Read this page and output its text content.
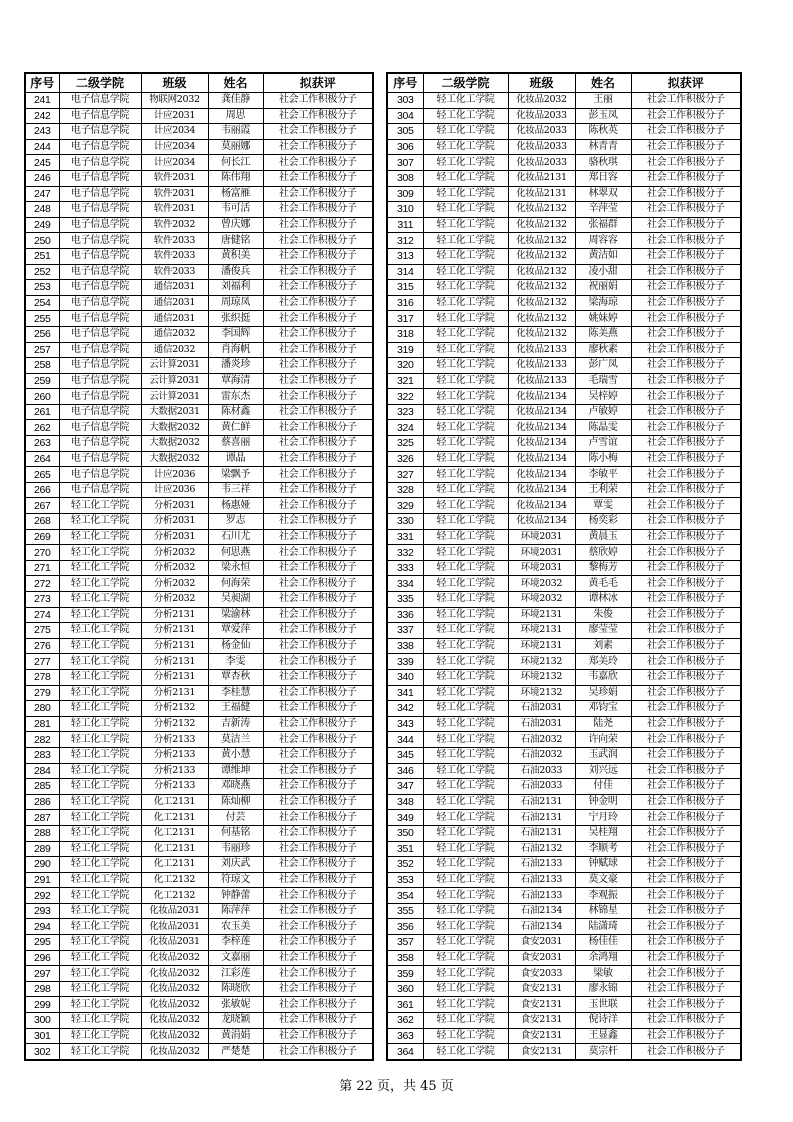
序号	二级学院	班级	姓名	拟获评
241	电子信息学院	物联网2032	龚佳静	社会工作积极分子
242	电子信息学院	计应2031	周思	社会工作积极分子
243	电子信息学院	计应2034	韦丽霞	社会工作积极分子
244	电子信息学院	计应2034	莫丽娜	社会工作积极分子
245	电子信息学院	计应2034	何长江	社会工作积极分子
246	电子信息学院	软件2031	陈伟翔	社会工作积极分子
247	电子信息学院	软件2031	杨富雁	社会工作积极分子
248	电子信息学院	软件2031	韦可活	社会工作积极分子
249	电子信息学院	软件2032	曾庆娜	社会工作积极分子
250	电子信息学院	软件2033	唐健铭	社会工作积极分子
251	电子信息学院	软件2033	黄积美	社会工作积极分子
252	电子信息学院	软件2033	潘俊兵	社会工作积极分子
253	电子信息学院	通信2031	刘福利	社会工作积极分子
254	电子信息学院	通信2031	周琼凤	社会工作积极分子
255	电子信息学院	通信2031	张织挺	社会工作积极分子
256	电子信息学院	通信2032	李国辉	社会工作积极分子
257	电子信息学院	通信2032	肖海帆	社会工作积极分子
258	电子信息学院	云计算2031	潘炎珍	社会工作积极分子
259	电子信息学院	云计算2031	覃海清	社会工作积极分子
260	电子信息学院	云计算2031	雷东杰	社会工作积极分子
261	电子信息学院	大数据2031	陈材鑫	社会工作积极分子
262	电子信息学院	大数据2032	黄仁鲜	社会工作积极分子
263	电子信息学院	大数据2032	蔡喜丽	社会工作积极分子
264	电子信息学院	大数据2032	谭晶	社会工作积极分子
265	电子信息学院	计应2036	梁飘予	社会工作积极分子
266	电子信息学院	计应2036	韦三祥	社会工作积极分子
267	轻工化工学院	分析2031	杨惠娅	社会工作积极分子
268	轻工化工学院	分析2031	罗志	社会工作积极分子
269	轻工化工学院	分析2031	石川尤	社会工作积极分子
270	轻工化工学院	分析2032	何思燕	社会工作积极分子
271	轻工化工学院	分析2032	梁永恒	社会工作积极分子
272	轻工化工学院	分析2032	何海荣	社会工作积极分子
273	轻工化工学院	分析2032	吴昶湖	社会工作积极分子
274	轻工化工学院	分析2131	梁渝林	社会工作积极分子
275	轻工化工学院	分析2131	覃爱萍	社会工作积极分子
276	轻工化工学院	分析2131	杨金仙	社会工作积极分子
277	轻工化工学院	分析2131	李雯	社会工作积极分子
278	轻工化工学院	分析2131	覃杏秋	社会工作积极分子
279	轻工化工学院	分析2131	李桂慧	社会工作积极分子
280	轻工化工学院	分析2132	王福健	社会工作积极分子
281	轻工化工学院	分析2132	吉新涛	社会工作积极分子
282	轻工化工学院	分析2133	莫洁兰	社会工作积极分子
283	轻工化工学院	分析2133	黄小慧	社会工作积极分子
284	轻工化工学院	分析2133	谭维坤	社会工作积极分子
285	轻工化工学院	分析2133	邓晓燕	社会工作积极分子
286	轻工化工学院	化工2131	陈灿柳	社会工作积极分子
287	轻工化工学院	化工2131	付芸	社会工作积极分子
288	轻工化工学院	化工2131	何基铭	社会工作积极分子
289	轻工化工学院	化工2131	韦丽珍	社会工作积极分子
290	轻工化工学院	化工2131	刘庆武	社会工作积极分子
291	轻工化工学院	化工2132	符琼文	社会工作积极分子
292	轻工化工学院	化工2132	钟静蕾	社会工作积极分子
293	轻工化工学院	化妆品2031	陈萍萍	社会工作积极分子
294	轻工化工学院	化妆品2031	农玉美	社会工作积极分子
295	轻工化工学院	化妆品2031	李梓莲	社会工作积极分子
296	轻工化工学院	化妆品2032	文嘉丽	社会工作积极分子
297	轻工化工学院	化妆品2032	江彩莲	社会工作积极分子
298	轻工化工学院	化妆品2032	陈晓欣	社会工作积极分子
299	轻工化工学院	化妆品2032	张敏妮	社会工作积极分子
300	轻工化工学院	化妆品2032	龙晓颖	社会工作积极分子
301	轻工化工学院	化妆品2032	黄涓娟	社会工作积极分子
302	轻工化工学院	化妆品2032	严楚楚	社会工作积极分子
序号	二级学院	班级	姓名	拟获评
303	轻工化工学院	化妆品2032	王丽	社会工作积极分子
304	轻工化工学院	化妆品2033	彭玉凤	社会工作积极分子
305	轻工化工学院	化妆品2033	陈秋英	社会工作积极分子
306	轻工化工学院	化妆品2033	林青青	社会工作积极分子
307	轻工化工学院	化妆品2033	骆秋琪	社会工作积极分子
308	轻工化工学院	化妆品2131	郑日容	社会工作积极分子
309	轻工化工学院	化妆品2131	林翠双	社会工作积极分子
310	轻工化工学院	化妆品2132	辛萍莹	社会工作积极分子
311	轻工化工学院	化妆品2132	张福群	社会工作积极分子
312	轻工化工学院	化妆品2132	周容容	社会工作积极分子
313	轻工化工学院	化妆品2132	黄洁如	社会工作积极分子
314	轻工化工学院	化妆品2132	凌小甜	社会工作积极分子
315	轻工化工学院	化妆品2132	祝丽娟	社会工作积极分子
316	轻工化工学院	化妆品2132	梁海琼	社会工作积极分子
317	轻工化工学院	化妆品2132	姚妹婷	社会工作积极分子
318	轻工化工学院	化妆品2132	陈美燕	社会工作积极分子
319	轻工化工学院	化妆品2133	廖秋素	社会工作积极分子
320	轻工化工学院	化妆品2133	彭广凤	社会工作积极分子
321	轻工化工学院	化妆品2133	毛瑞雪	社会工作积极分子
322	轻工化工学院	化妆品2134	吴梓婷	社会工作积极分子
323	轻工化工学院	化妆品2134	卢敏婷	社会工作积极分子
324	轻工化工学院	化妆品2134	陈晶雯	社会工作积极分子
325	轻工化工学院	化妆品2134	卢雪谊	社会工作积极分子
326	轻工化工学院	化妆品2134	陈小梅	社会工作积极分子
327	轻工化工学院	化妆品2134	李敏平	社会工作积极分子
328	轻工化工学院	化妆品2134	王利荣	社会工作积极分子
329	轻工化工学院	化妆品2134	覃雯	社会工作积极分子
330	轻工化工学院	化妆品2134	杨奕彩	社会工作积极分子
331	轻工化工学院	环境2031	黄晨玉	社会工作积极分子
332	轻工化工学院	环境2031	蔡欣婷	社会工作积极分子
333	轻工化工学院	环境2031	黎梅芳	社会工作积极分子
334	轻工化工学院	环境2032	黄毛毛	社会工作积极分子
335	轻工化工学院	环境2032	谭林冰	社会工作积极分子
336	轻工化工学院	环境2131	朱俊	社会工作积极分子
337	轻工化工学院	环境2131	廖莹莹	社会工作积极分子
338	轻工化工学院	环境2131	刘素	社会工作积极分子
339	轻工化工学院	环境2132	郑美玲	社会工作积极分子
340	轻工化工学院	环境2132	韦嘉欣	社会工作积极分子
341	轻工化工学院	环境2132	吴珍娟	社会工作积极分子
342	轻工化工学院	石油2031	邓钧宝	社会工作积极分子
343	轻工化工学院	石油2031	陆尧	社会工作积极分子
344	轻工化工学院	石油2032	许向荣	社会工作积极分子
345	轻工化工学院	石油2032	玉武润	社会工作积极分子
346	轻工化工学院	石油2033	刘兴远	社会工作积极分子
347	轻工化工学院	石油2033	付佳	社会工作积极分子
348	轻工化工学院	石油2131	钟金明	社会工作积极分子
349	轻工化工学院	石油2131	宁月玲	社会工作积极分子
350	轻工化工学院	石油2131	吴桂翔	社会工作积极分子
351	轻工化工学院	石油2132	李顺考	社会工作积极分子
352	轻工化工学院	石油2133	钟赋球	社会工作积极分子
353	轻工化工学院	石油2133	莫文豪	社会工作积极分子
354	轻工化工学院	石油2133	李观振	社会工作积极分子
355	轻工化工学院	石油2134	林锦星	社会工作积极分子
356	轻工化工学院	石油2134	陆潇琦	社会工作积极分子
357	轻工化工学院	食安2031	杨佳佳	社会工作积极分子
358	轻工化工学院	食安2031	余鸿翔	社会工作积极分子
359	轻工化工学院	食安2033	梁敏	社会工作积极分子
360	轻工化工学院	食安2131	廖永锦	社会工作积极分子
361	轻工化工学院	食安2131	玉世联	社会工作积极分子
362	轻工化工学院	食安2131	倪诗洋	社会工作积极分子
363	轻工化工学院	食安2131	王显鑫	社会工作积极分子
364	轻工化工学院	食安2131	莫宗杆	社会工作积极分子
第 22 页，共 45 页
